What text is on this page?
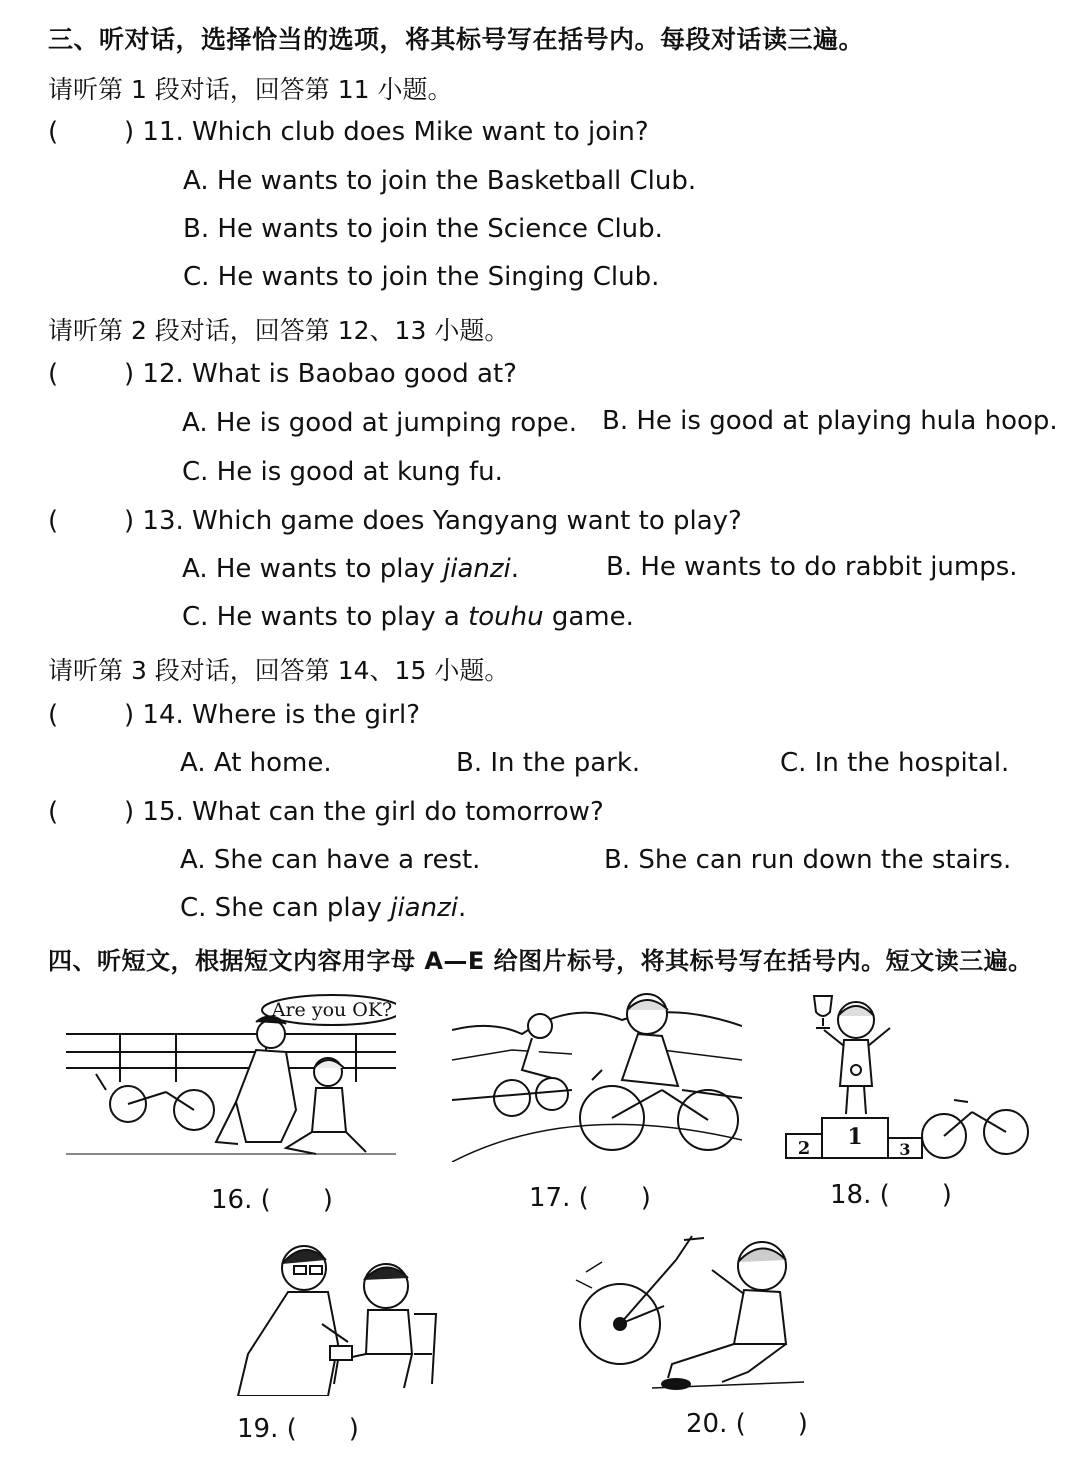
三、听对话，选择恰当的选项，将其标号写在括号内。每段对话读三遍。
请听第 1 段对话，回答第 11 小题。
(	) 11. Which club does Mike want to join?
A. He wants to join the Basketball Club.
B. He wants to join the Science Club.
C. He wants to join the Singing Club.
请听第 2 段对话，回答第 12、13 小题。
(	) 12. What is Baobao good at?
A. He is good at jumping rope. B. He is good at playing hula hoop.
C. He is good at kung fu.
(	) 13. Which game does Yangyang want to play?
A. He wants to play jianzi.	B. He wants to do rabbit jumps.
C. He wants to play a touhu game.
请听第 3 段对话，回答第 14、15 小题。
(	) 14. Where is the girl?
A. At home.	B. In the park.	C. In the hospital.
(	) 15. What can the girl do tomorrow?
A. She can have a rest.	B. She can run down the stairs.
C. She can play jianzi.
四、听短文，根据短文内容用字母 A—E 给图片标号，将其标号写在括号内。短文读三遍。
Are you OK?
16. ( )	17. ( )
2 1 3
18. ( )
19. ( )	20. ( )
